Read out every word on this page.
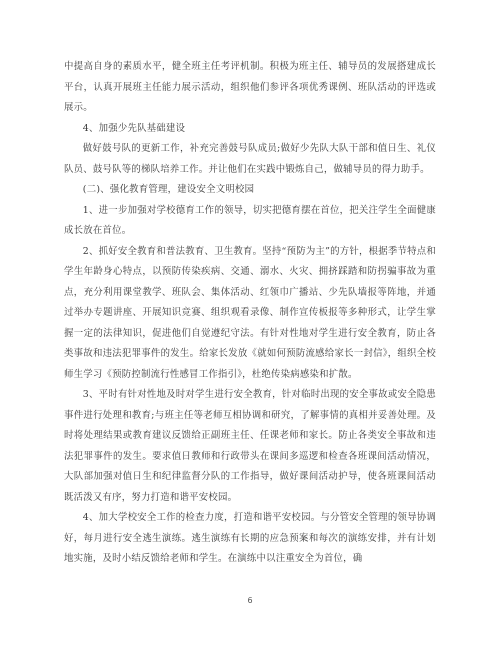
中提高自身的素质水平，健全班主任考评机制。积极为班主任、辅导员的发展搭建成长平台，认真开展班主任能力展示活动，组织他们参评各项优秀课例、班队活动的评选或展示。

4、加强少先队基础建设

做好鼓号队的更新工作，补充完善鼓号队成员;做好少先队大队干部和值日生、礼仪队员、鼓号队等的梯队培养工作。并让他们在实践中锻炼自己，做辅导员的得力助手。

(二)、强化教育管理，建设安全文明校园

1、进一步加强对学校德育工作的领导，切实把德育摆在首位，把关注学生全面健康成长放在首位。

2、抓好安全教育和普法教育、卫生教育。坚持“预防为主”的方针，根据季节特点和学生年龄身心特点，以预防传染疾病、交通、溺水、火灾、拥挤踩踏和防拐骗事故为重点，充分利用课堂教学、班队会、集体活动、红领巾广播站、少先队墙报等阵地，并通过举办专题讲座、开展知识竞赛、组织观看录像、制作宣传板报等多种形式，让学生掌握一定的法律知识，促进他们自觉遵纪守法。有针对性地对学生进行安全教育，防止各类事故和违法犯罪事件的发生。给家长发放《就如何预防流感给家长一封信》，组织全校师生学习《预防控制流行性感冒工作指引》，杜绝传染病感染和扩散。

3、平时有针对性地及时对学生进行安全教育，针对临时出现的安全事故或安全隐患事件进行处理和教育;与班主任等老师互相协调和研究，了解事情的真相并妥善处理。及时将处理结果或教育建议反馈给正副班主任、任课老师和家长。防止各类安全事故和违法犯罪事件的发生。要求值日教师和行政带头在课间多巡逻和检查各班课间活动情况，大队部加强对值日生和纪律监督分队的工作指导，做好课间活动护导，使各班课间活动既活泼又有序，努力打造和谐平安校园。

4、加大学校安全工作的检查力度，打造和谐平安校园。与分管安全管理的领导协调好，每月进行安全逃生演练。逃生演练有长期的应急预案和每次的演练安排，并有计划地实施，及时小结反馈给老师和学生。在演练中以注重安全为首位，确

6
